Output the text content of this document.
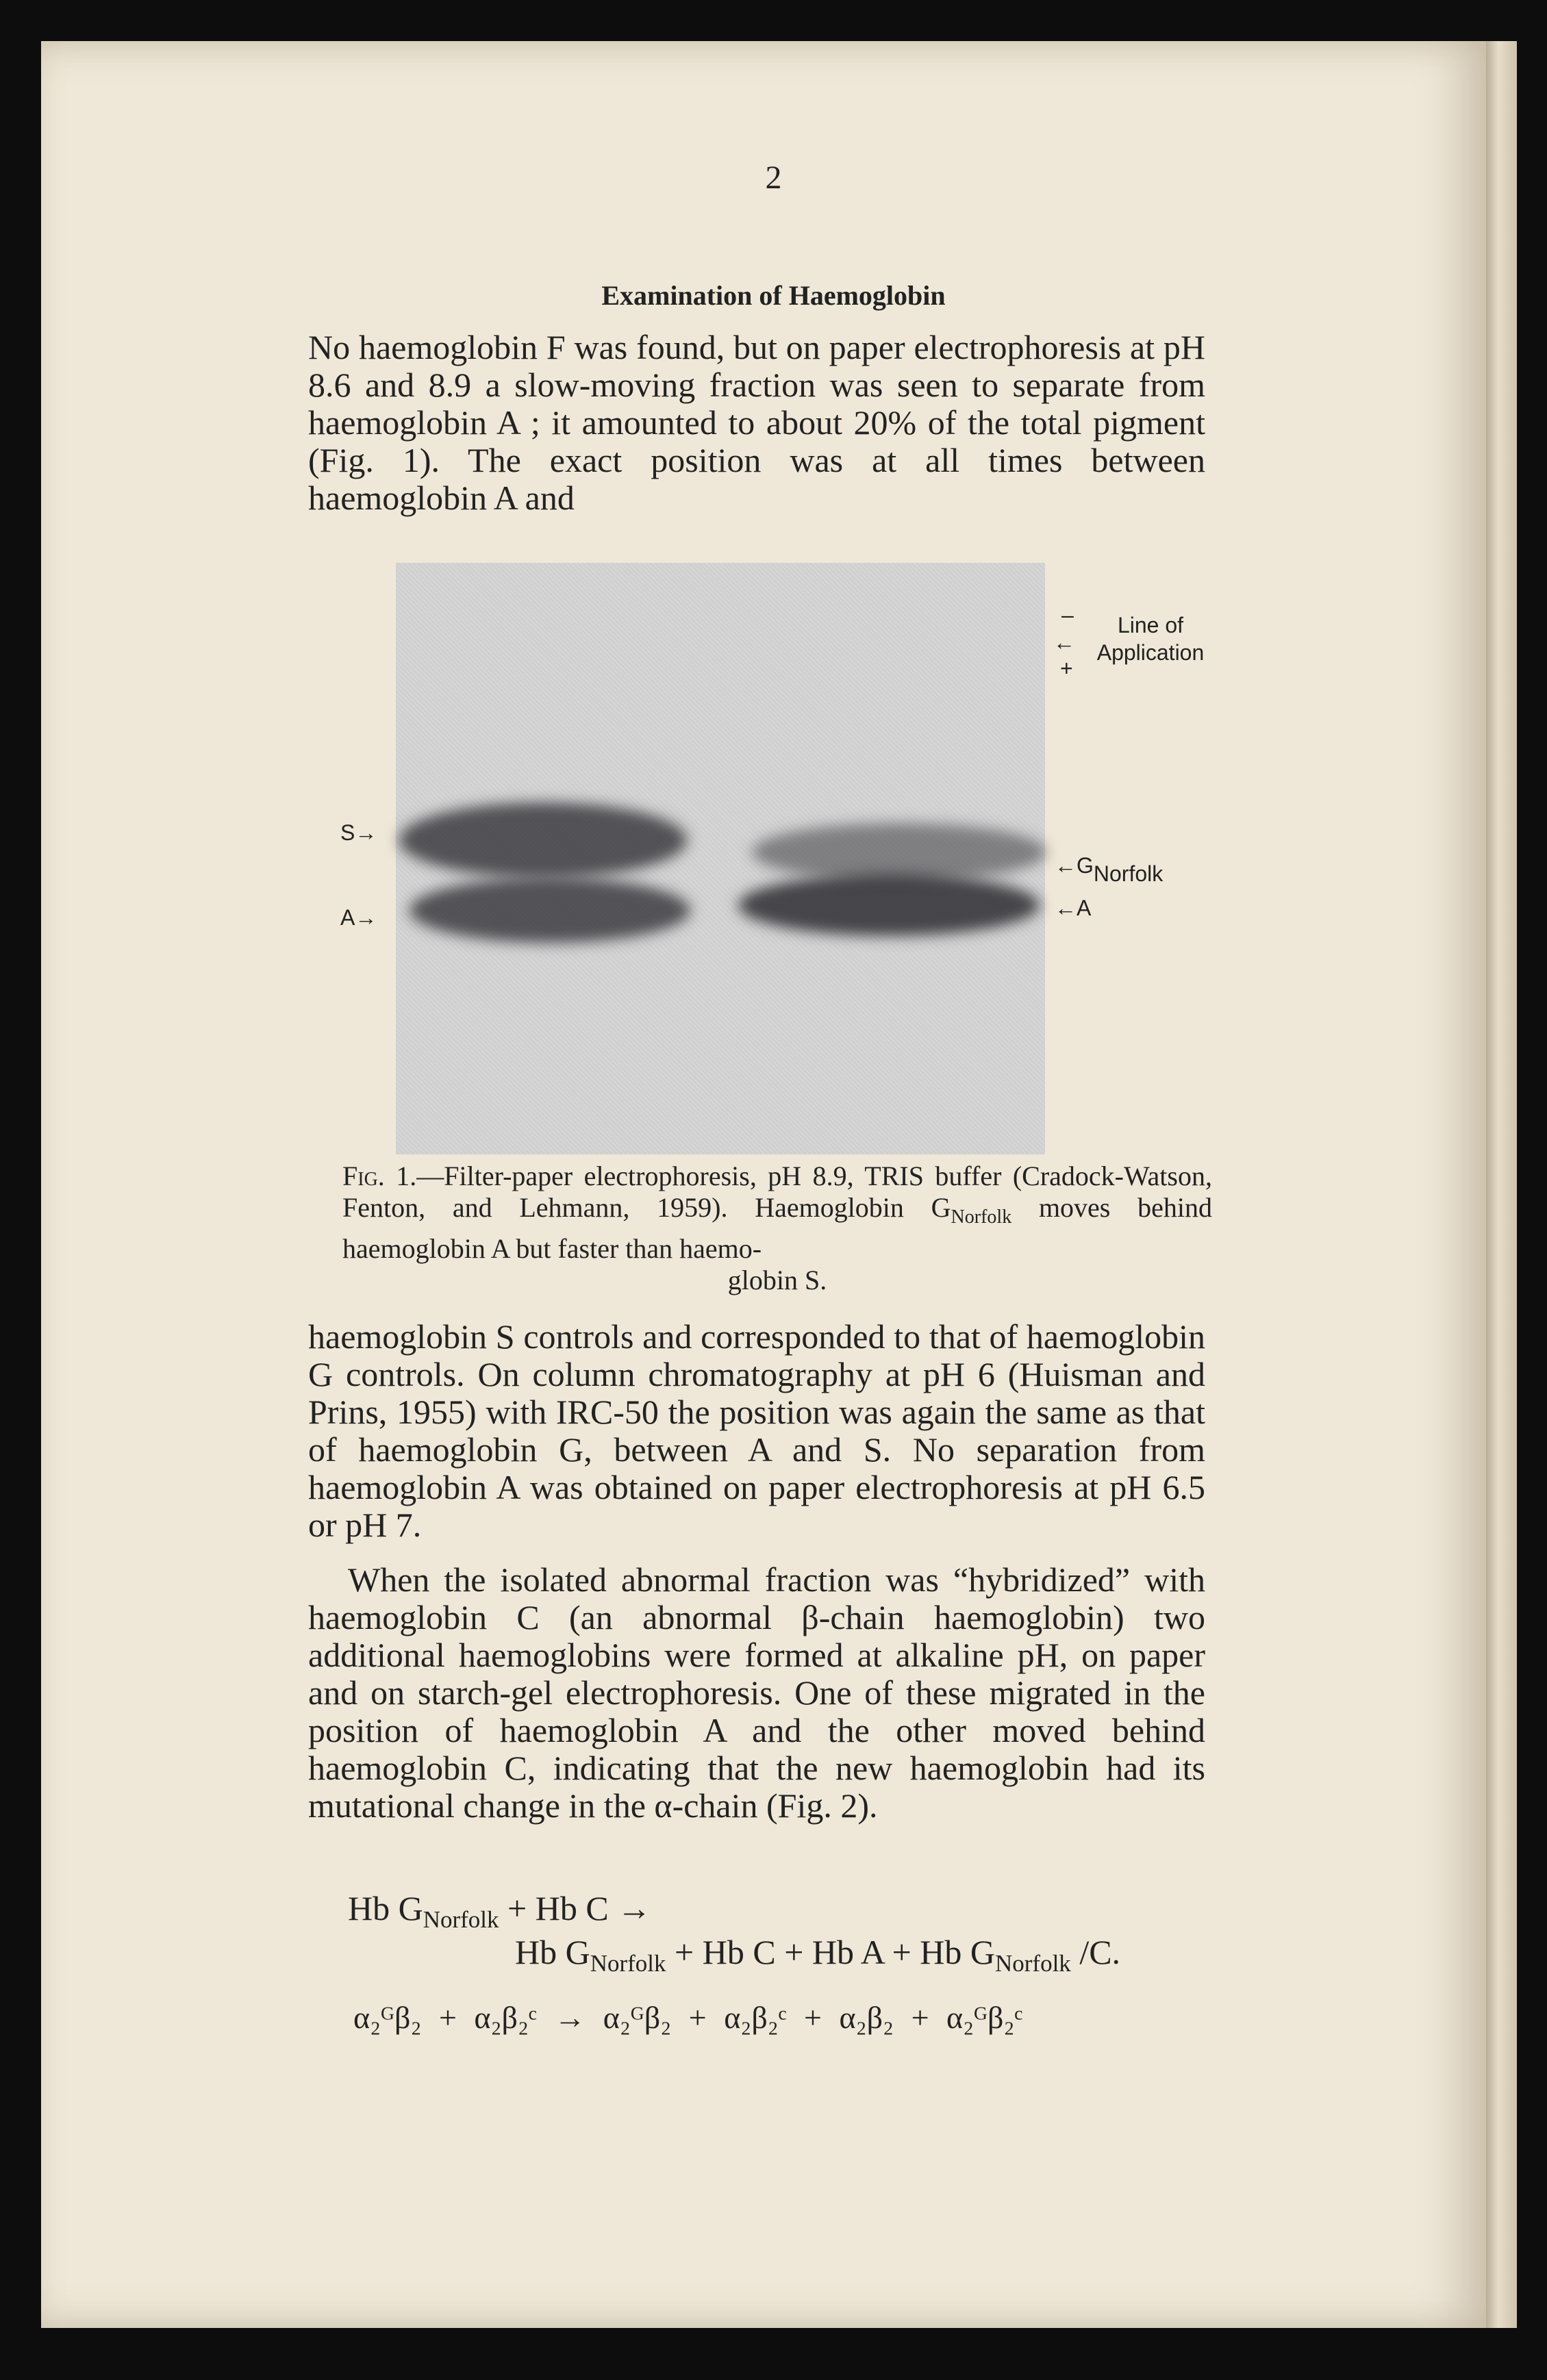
2
Examination of Haemoglobin
No haemoglobin F was found, but on paper electrophoresis at pH 8.6 and 8.9 a slow-moving fraction was seen to separate from haemoglobin A ; it amounted to about 20% of the total pigment (Fig. 1). The exact position was at all times between haemoglobin A and
–
←
+
Line of Application
S→
A→
←GNorfolk
←A
Fig. 1.—Filter-paper electrophoresis, pH 8.9, TRIS buffer (Cradock-Watson, Fenton, and Lehmann, 1959). Haemoglobin $G_{Norfolk}$ moves behind haemoglobin A but faster than haemo-
globin S.
haemoglobin S controls and corresponded to that of haemoglobin G controls. On column chromatography at pH 6 (Huisman and Prins, 1955) with IRC-50 the position was again the same as that of haemoglobin G, between A and S. No separation from haemoglobin A was obtained on paper electrophoresis at pH 6.5 or pH 7.
When the isolated abnormal fraction was “hybridized” with haemoglobin C (an abnormal β-chain haemoglobin) two additional haemoglobins were formed at alkaline pH, on paper and on starch-gel electrophoresis. One of these migrated in the position of haemoglobin A and the other moved behind haemoglobin C, indicating that the new haemoglobin had its mutational change in the α-chain (Fig. 2).
Hb $G_{Norfolk} + Hb$ C →
Hb $G_{Norfolk} + Hb$ C + Hb A + Hb $G_{Norfolk}$ /C.
α₂ᴳβ₂ + α₂β₂ᶜ → α₂ᴳβ₂ + α₂β₂ᶜ + α₂β₂ + α₂ᴳβ₂ᶜ
